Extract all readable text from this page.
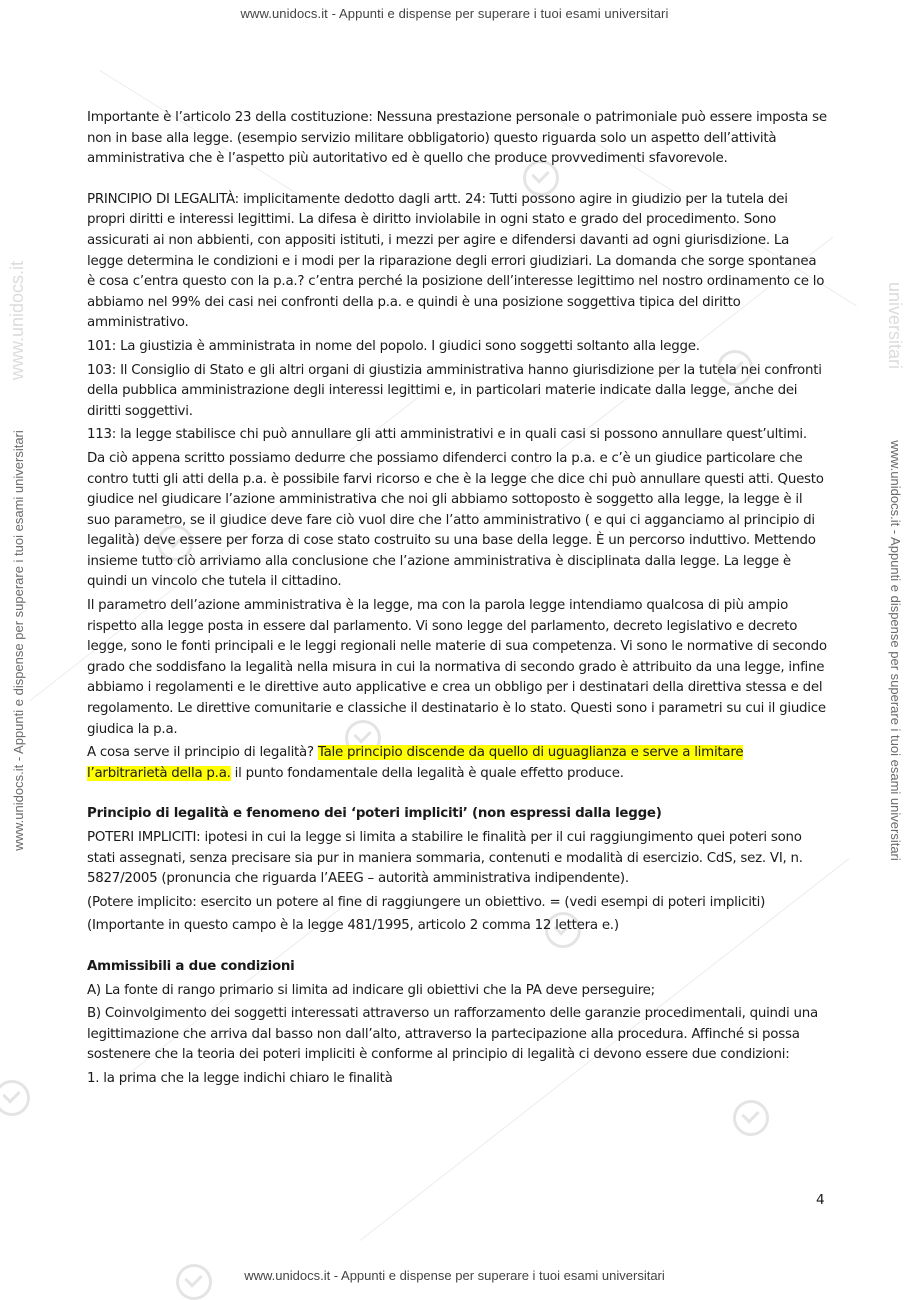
www.unidocs.it - Appunti e dispense per superare i tuoi esami universitari
www.unidocs.it - Appunti e dispense per superare i tuoi esami universitari
www.unidocs.it	universitari
www.unidocs.it - Appunti e dispense per superare i tuoi esami universitari	www.unidocs.it - Appunti e dispense per superare i tuoi esami universitari

Importante è l’articolo 23 della costituzione: Nessuna prestazione personale o patrimoniale può essere imposta se non in base alla legge. (esempio servizio militare obbligatorio) questo riguarda solo un aspetto dell’attività amministrativa che è l’aspetto più autoritativo ed è quello che produce provvedimenti sfavorevole.

PRINCIPIO DI LEGALITÀ: implicitamente dedotto dagli artt. 24: Tutti possono agire in giudizio per la tutela dei propri diritti e interessi legittimi. La difesa è diritto inviolabile in ogni stato e grado del procedimento. Sono assicurati ai non abbienti, con appositi istituti, i mezzi per agire e difendersi davanti ad ogni giurisdizione. La legge determina le condizioni e i modi per la riparazione degli errori giudiziari. La domanda che sorge spontanea è cosa c’entra questo con la p.a.? c’entra perché la posizione dell’interesse legittimo nel nostro ordinamento ce lo abbiamo nel 99% dei casi nei confronti della p.a. e quindi è una posizione soggettiva tipica del diritto amministrativo.

101: La giustizia è amministrata in nome del popolo. I giudici sono soggetti soltanto alla legge.

103: Il Consiglio di Stato e gli altri organi di giustizia amministrativa hanno giurisdizione per la tutela nei confronti della pubblica amministrazione degli interessi legittimi e, in particolari materie indicate dalla legge, anche dei diritti soggettivi.

113: la legge stabilisce chi può annullare gli atti amministrativi e in quali casi si possono annullare quest’ultimi.

Da ciò appena scritto possiamo dedurre che possiamo difenderci contro la p.a. e c’è un giudice particolare che contro tutti gli atti della p.a. è possibile farvi ricorso e che è la legge che dice chi può annullare questi atti. Questo giudice nel giudicare l’azione amministrativa che noi gli abbiamo sottoposto è soggetto alla legge, la legge è il suo parametro, se il giudice deve fare ciò vuol dire che l’atto amministrativo ( e qui ci agganciamo al principio di legalità) deve essere per forza di cose stato costruito su una base della legge. È un percorso induttivo. Mettendo insieme tutto ciò arriviamo alla conclusione che l’azione amministrativa è disciplinata dalla legge. La legge è quindi un vincolo che tutela il cittadino.

Il parametro dell’azione amministrativa è la legge, ma con la parola legge intendiamo qualcosa di più ampio rispetto alla legge posta in essere dal parlamento. Vi sono legge del parlamento, decreto legislativo e decreto legge, sono le fonti principali e le leggi regionali nelle materie di sua competenza. Vi sono le normative di secondo grado che soddisfano la legalità nella misura in cui la normativa di secondo grado è attribuito da una legge, infine abbiamo i regolamenti e le direttive auto applicative e crea un obbligo per i destinatari della direttiva stessa e del regolamento. Le direttive comunitarie e classiche il destinatario è lo stato. Questi sono i parametri su cui il giudice giudica la p.a.

A cosa serve il principio di legalità? Tale principio discende da quello di uguaglianza e serve a limitare l’arbitrarietà della p.a. il punto fondamentale della legalità è quale effetto produce.

Principio di legalità e fenomeno dei ‘poteri impliciti’ (non espressi dalla legge)

POTERI IMPLICITI: ipotesi in cui la legge si limita a stabilire le finalità per il cui raggiungimento quei poteri sono stati assegnati, senza precisare sia pur in maniera sommaria, contenuti e modalità di esercizio. CdS, sez. VI, n. 5827/2005 (pronuncia che riguarda l’AEEG – autorità amministrativa indipendente).

(Potere implicito: esercito un potere al fine di raggiungere un obiettivo. = (vedi esempi di poteri impliciti)

(Importante in questo campo è la legge 481/1995, articolo 2 comma 12 lettera e.)

Ammissibili a due condizioni

A) La fonte di rango primario si limita ad indicare gli obiettivi che la PA deve perseguire;

B) Coinvolgimento dei soggetti interessati attraverso un rafforzamento delle garanzie procedimentali, quindi una legittimazione che arriva dal basso non dall’alto, attraverso la partecipazione alla procedura. Affinché si possa sostenere che la teoria dei poteri impliciti è conforme al principio di legalità ci devono essere due condizioni:

1. la prima che la legge indichi chiaro le finalità

4
